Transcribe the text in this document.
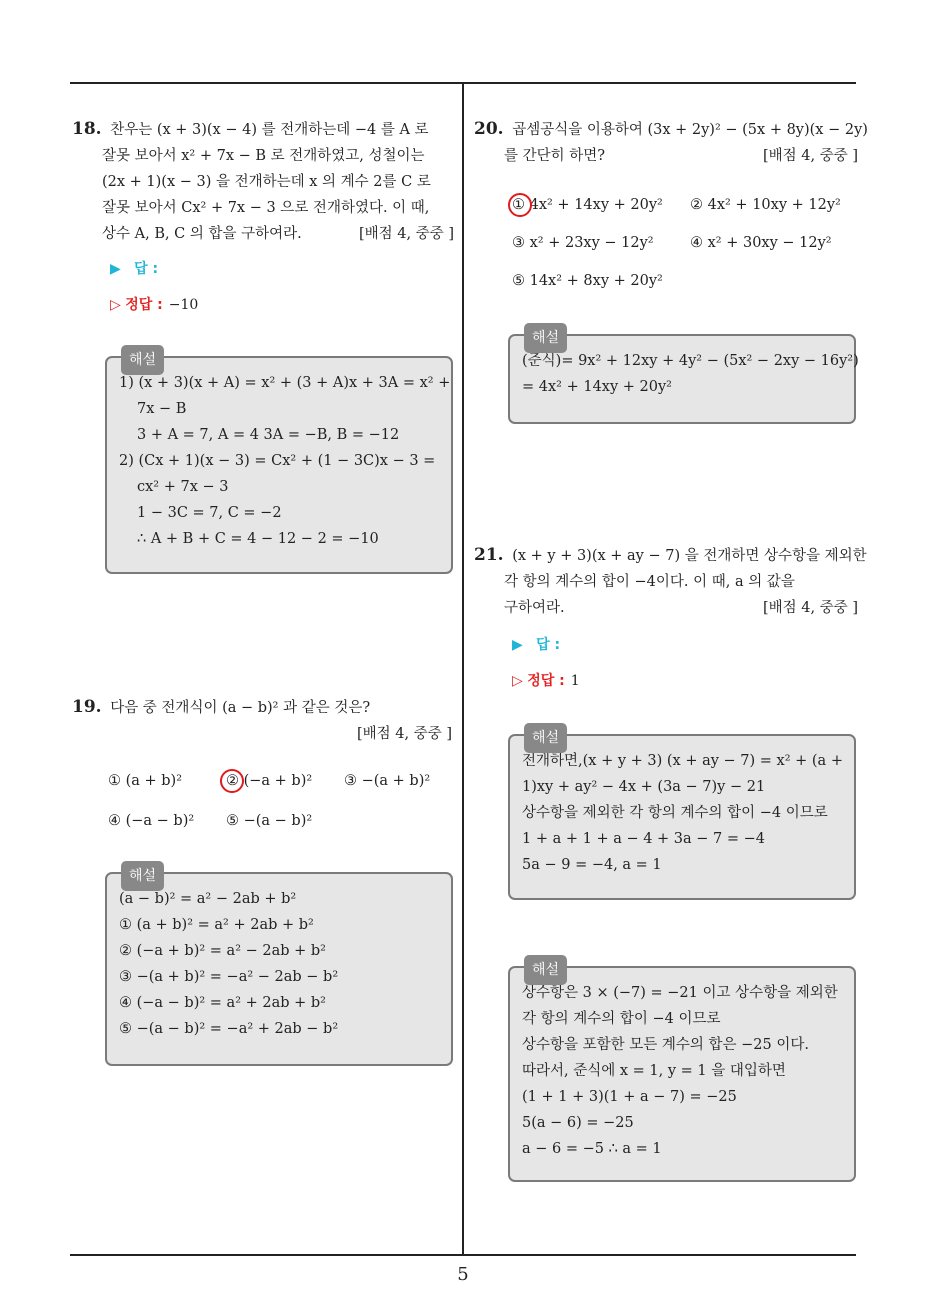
5
18. 찬우는 (x + 3)(x − 4) 를 전개하는데 −4 를 A 로
잘못 보아서 x² + 7x − B 로 전개하였고, 성철이는
(2x + 1)(x − 3) 을 전개하는데 x 의 계수 2를 C 로
잘못 보아서 Cx² + 7x − 3 으로 전개하였다. 이 때,
상수 A, B, C 의 합을 구하여라.	[배점 4, 중중 ]
▶ 답 :
▷ 정답 : −10
해설
1) (x + 3)(x + A) = x² + (3 + A)x + 3A = x² +
7x − B
3 + A = 7, A = 4 3A = −B, B = −12
2) (Cx + 1)(x − 3) = Cx² + (1 − 3C)x − 3 =
cx² + 7x − 3
1 − 3C = 7, C = −2
∴ A + B + C = 4 − 12 − 2 = −10
19. 다음 중 전개식이 (a − b)² 과 같은 것은?
[배점 4, 중중 ]
① (a + b)²	② (−a + b)² ③ −(a + b)²
④ (−a − b)² ⑤ −(a − b)²
해설
(a − b)² = a² − 2ab + b²
① (a + b)² = a² + 2ab + b²
② (−a + b)² = a² − 2ab + b²
③ −(a + b)² = −a² − 2ab − b²
④ (−a − b)² = a² + 2ab + b²
⑤ −(a − b)² = −a² + 2ab − b²
20. 곱셈공식을 이용하여 (3x + 2y)² − (5x + 8y)(x − 2y)
를 간단히 하면?	[배점 4, 중중 ]
① 4x² + 14xy + 20y² ② 4x² + 10xy + 12y²
③ x² + 23xy − 12y²	④ x² + 30xy − 12y²
⑤ 14x² + 8xy + 20y²
해설
(준식)= 9x² + 12xy + 4y² − (5x² − 2xy − 16y²)
= 4x² + 14xy + 20y²
21. (x + y + 3)(x + ay − 7) 을 전개하면 상수항을 제외한
각 항의 계수의 합이 −4이다. 이 때, a 의 값을
구하여라.	[배점 4, 중중 ]
▶ 답 :
▷ 정답 : 1
해설
전개하면,(x + y + 3) (x + ay − 7) = x² + (a +
1)xy + ay² − 4x + (3a − 7)y − 21
상수항을 제외한 각 항의 계수의 합이 −4 이므로
1 + a + 1 + a − 4 + 3a − 7 = −4
5a − 9 = −4, a = 1
해설
상수항은 3 × (−7) = −21 이고 상수항을 제외한
각 항의 계수의 합이 −4 이므로
상수항을 포함한 모든 계수의 합은 −25 이다.
따라서, 준식에 x = 1, y = 1 을 대입하면
(1 + 1 + 3)(1 + a − 7) = −25
5(a − 6) = −25
a − 6 = −5 ∴ a = 1
